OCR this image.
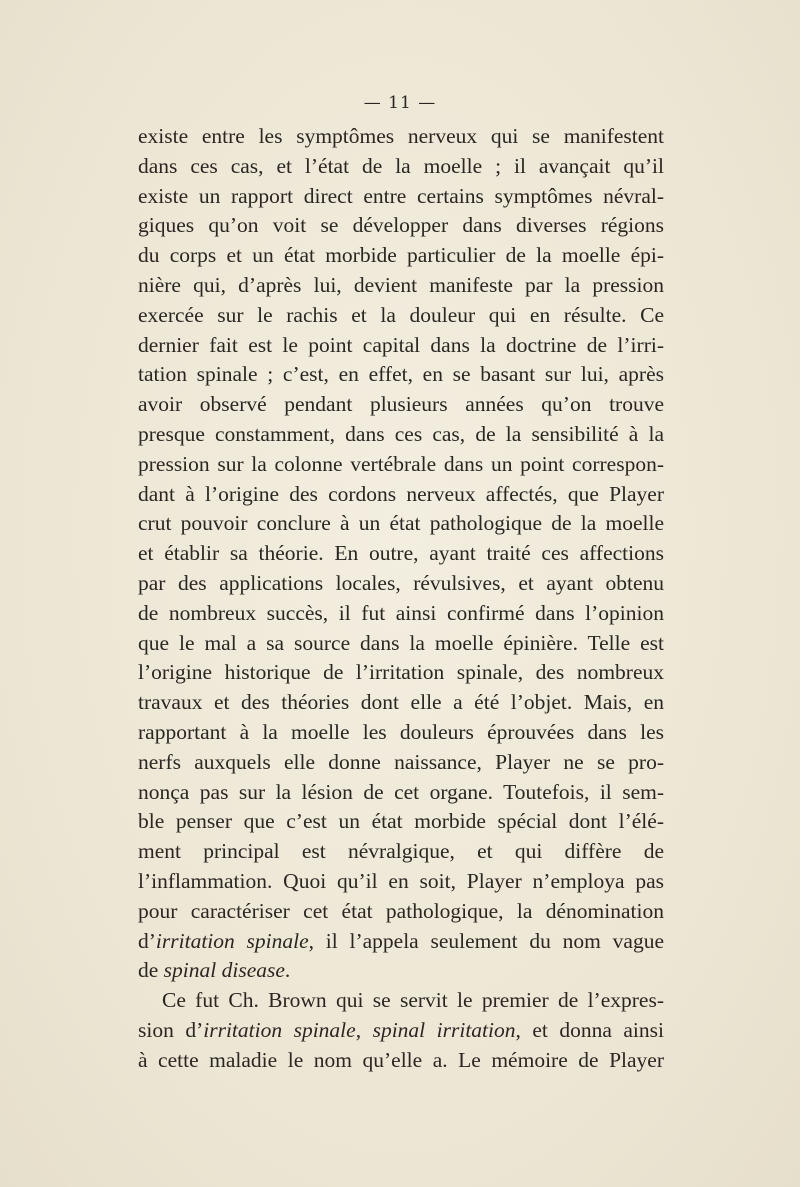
— 11 —
existe entre les symptômes nerveux qui se manifestent
dans ces cas, et l’état de la moelle ; il avançait qu’il
existe un rapport direct entre certains symptômes névral-
giques qu’on voit se développer dans diverses régions
du corps et un état morbide particulier de la moelle épi-
nière qui, d’après lui, devient manifeste par la pression
exercée sur le rachis et la douleur qui en résulte. Ce
dernier fait est le point capital dans la doctrine de l’irri-
tation spinale ; c’est, en effet, en se basant sur lui, après
avoir observé pendant plusieurs années qu’on trouve
presque constamment, dans ces cas, de la sensibilité à la
pression sur la colonne vertébrale dans un point correspon-
dant à l’origine des cordons nerveux affectés, que Player
crut pouvoir conclure à un état pathologique de la moelle
et établir sa théorie. En outre, ayant traité ces affections
par des applications locales, révulsives, et ayant obtenu
de nombreux succès, il fut ainsi confirmé dans l’opinion
que le mal a sa source dans la moelle épinière. Telle est
l’origine historique de l’irritation spinale, des nombreux
travaux et des théories dont elle a été l’objet. Mais, en
rapportant à la moelle les douleurs éprouvées dans les
nerfs auxquels elle donne naissance, Player ne se pro-
nonça pas sur la lésion de cet organe. Toutefois, il sem-
ble penser que c’est un état morbide spécial dont l’élé-
ment principal est névralgique, et qui diffère de
l’inflammation. Quoi qu’il en soit, Player n’employa pas
pour caractériser cet état pathologique, la dénomination
d’irritation spinale, il l’appela seulement du nom vague
de spinal disease.
Ce fut Ch. Brown qui se servit le premier de l’expres-
sion d’irritation spinale, spinal irritation, et donna ainsi
à cette maladie le nom qu’elle a. Le mémoire de Player
